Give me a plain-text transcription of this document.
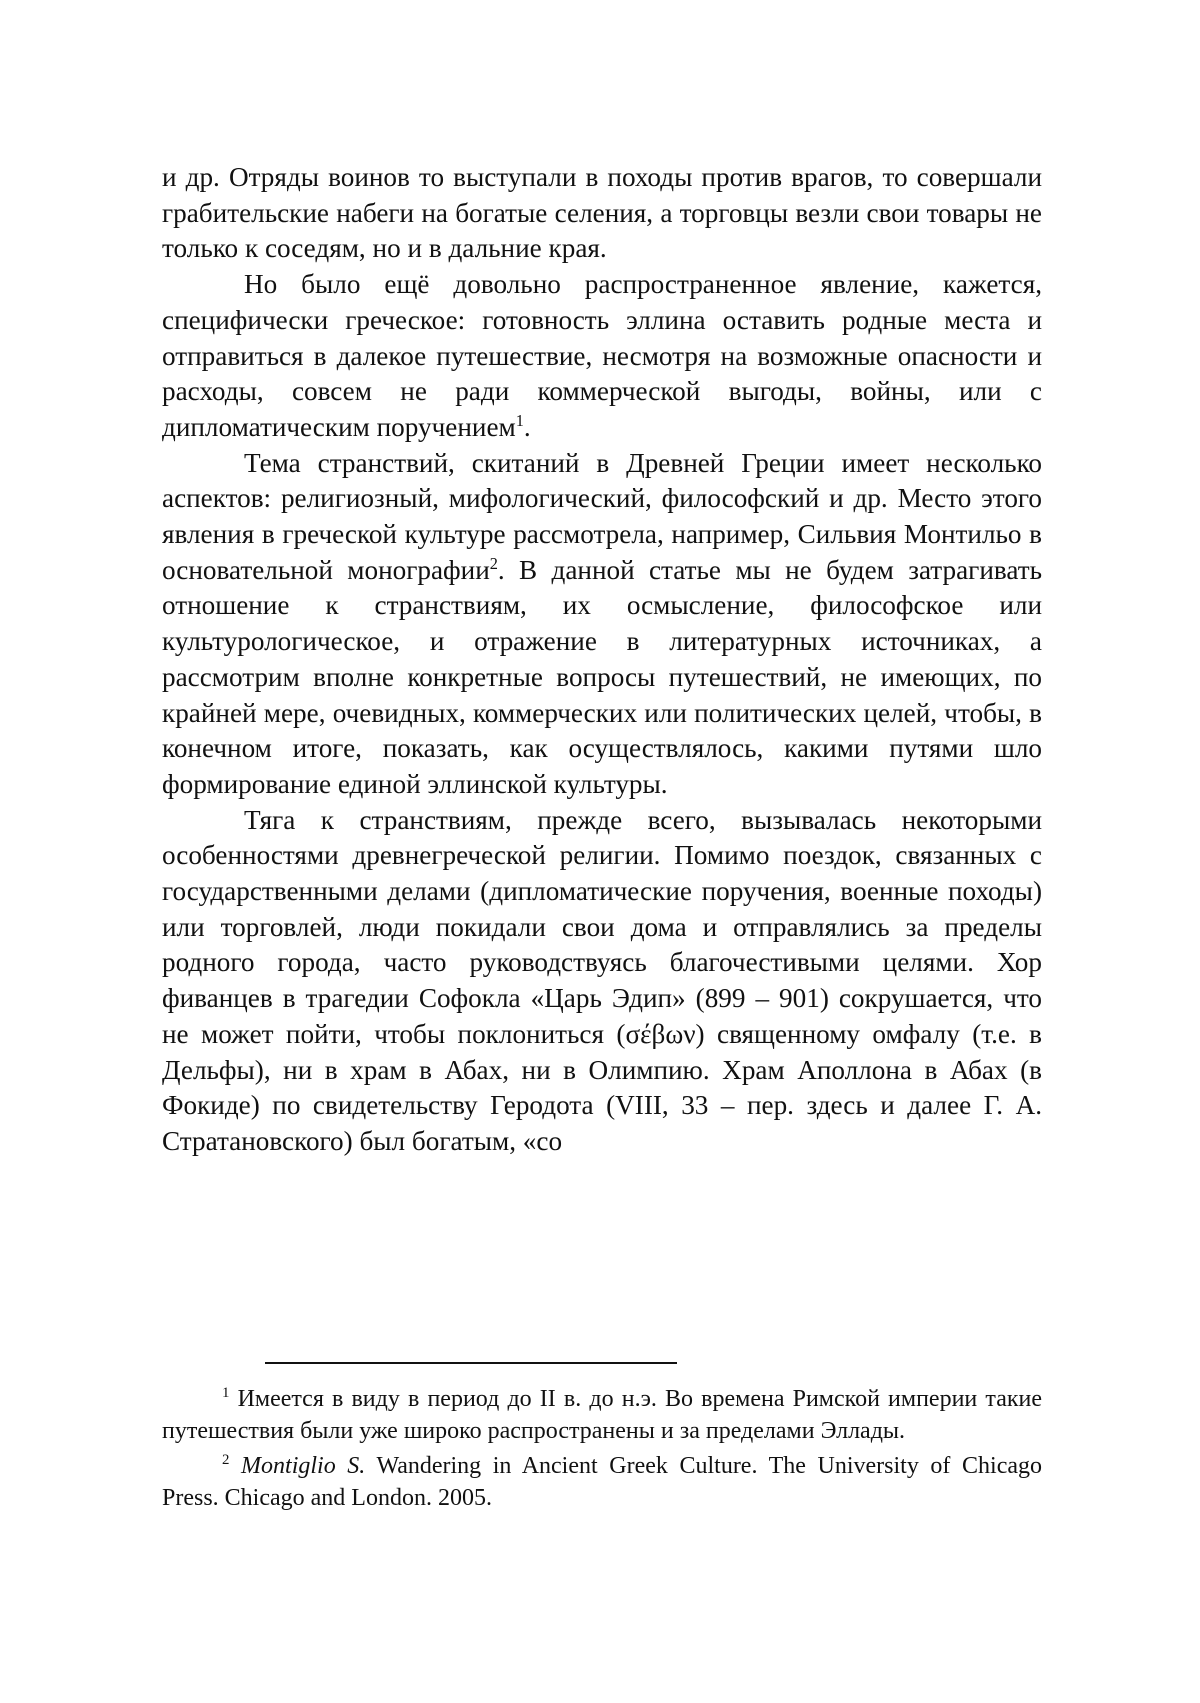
и др. Отряды воинов то выступали в походы против врагов, то совершали грабительские набеги на богатые селения, а торговцы везли свои товары не только к соседям, но и в дальние края.

Но было ещё довольно распространенное явление, кажется, специфически греческое: готовность эллина оставить родные места и отправиться в далекое путешествие, несмотря на возможные опасности и расходы, совсем не ради коммерческой выгоды, войны, или с дипломатическим поручением$^1$.

Тема странствий, скитаний в Древней Греции имеет несколько аспектов: религиозный, мифологический, философский и др. Место этого явления в греческой культуре рассмотрела, например, Сильвия Монтильо в основательной монографии$^2$. В данной статье мы не будем затрагивать отношение к странствиям, их осмысление, философское или культурологическое, и отражение в литературных источниках, а рассмотрим вполне конкретные вопросы путешествий, не имеющих, по крайней мере, очевидных, коммерческих или политических целей, чтобы, в конечном итоге, показать, как осуществлялось, какими путями шло формирование единой эллинской культуры.

Тяга к странствиям, прежде всего, вызывалась некоторыми особенностями древнегреческой религии. Помимо поездок, связанных с государственными делами (дипломатические поручения, военные походы) или торговлей, люди покидали свои дома и отправлялись за пределы родного города, часто руководствуясь благочестивыми целями. Хор фиванцев в трагедии Софокла «Царь Эдип» (899 – 901) сокрушается, что не может пойти, чтобы поклониться (σέβων) священному омфалу (т.е. в Дельфы), ни в храм в Абах, ни в Олимпию. Храм Аполлона в Абах (в Фокиде) по свидетельству Геродота (VIII, 33 – пер. здесь и далее Г. А. Стратановского) был богатым, «со

$^1$ Имеется в виду в период до II в. до н.э. Во времена Римской империи такие путешествия были уже широко распространены и за пределами Эллады.

$^2$ Montiglio S. Wandering in Ancient Greek Culture. The University of Chicago Press. Chicago and London. 2005.
